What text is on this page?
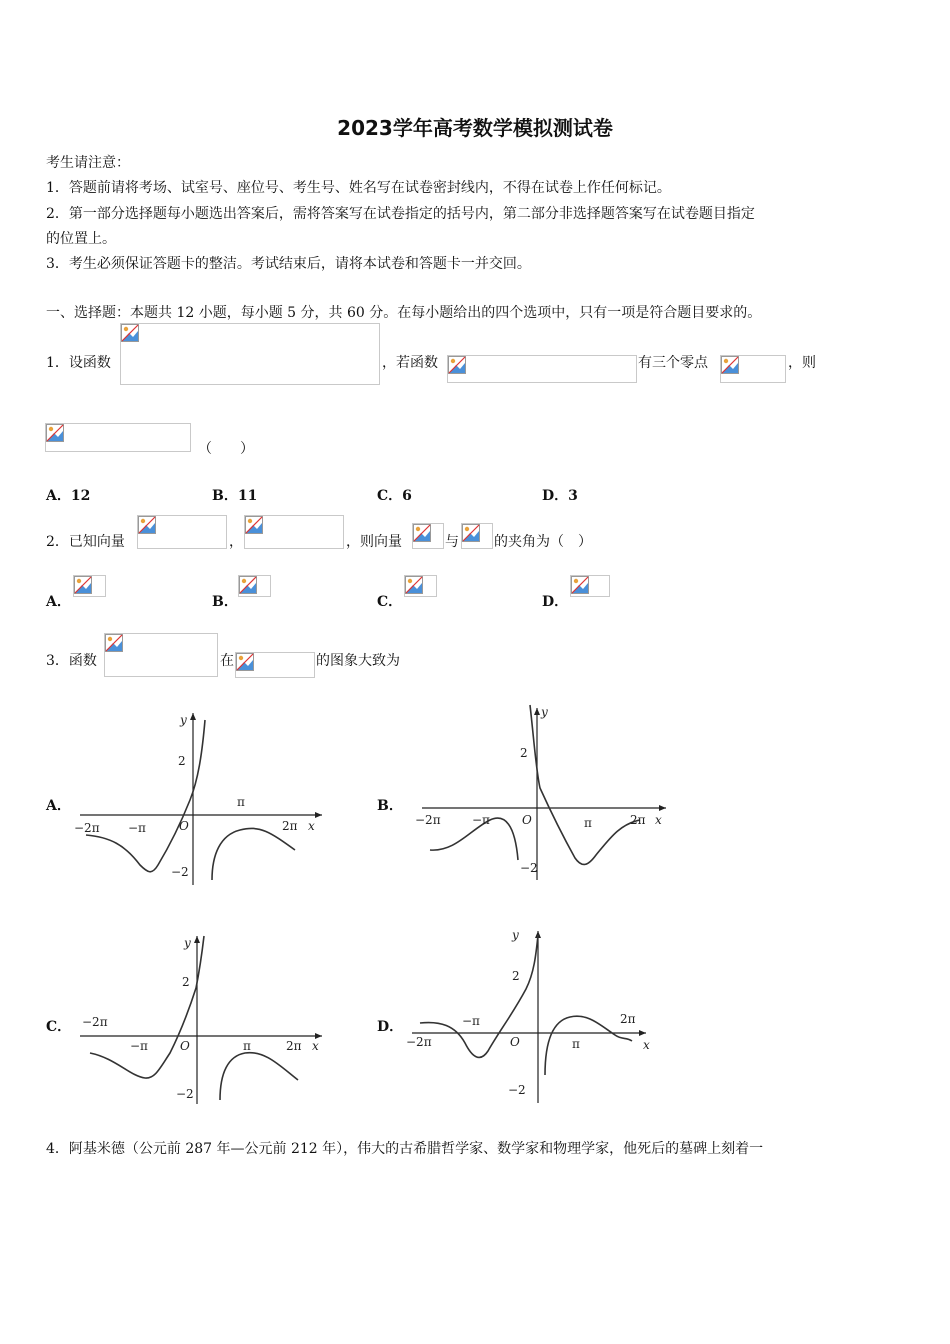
2023学年高考数学模拟测试卷
考生请注意：
1．答题前请将考场、试室号、座位号、考生号、姓名写在试卷密封线内，不得在试卷上作任何标记。
2．第一部分选择题每小题选出答案后，需将答案写在试卷指定的括号内，第二部分非选择题答案写在试卷题目指定
的位置上。
3．考生必须保证答题卡的整洁。考试结束后，请将本试卷和答题卡一并交回。
一、选择题：本题共 12 小题，每小题 5 分，共 60 分。在每小题给出的四个选项中，只有一项是符合题目要求的。
1．设函数	，若函数	有三个零点	，则
（　　）
A．12	B．11	C．6	D．3
2．已知向量	，	，则向量	与	的夹角为（　）
A．	B．	C．	D．
3．函数	在	的图象大致为
A．
y
2
−2
−2π −π	O
π
2π x
B．
y
2
−2
−2π	−π	O	π	2π x
C．
y
2
−2
−2π
−π	O	π	2π x
D．
y
2
−2
−2π
−π
O	π
2π
x
4．阿基米德（公元前 287 年—公元前 212 年），伟大的古希腊哲学家、数学家和物理学家，他死后的墓碑上刻着一
